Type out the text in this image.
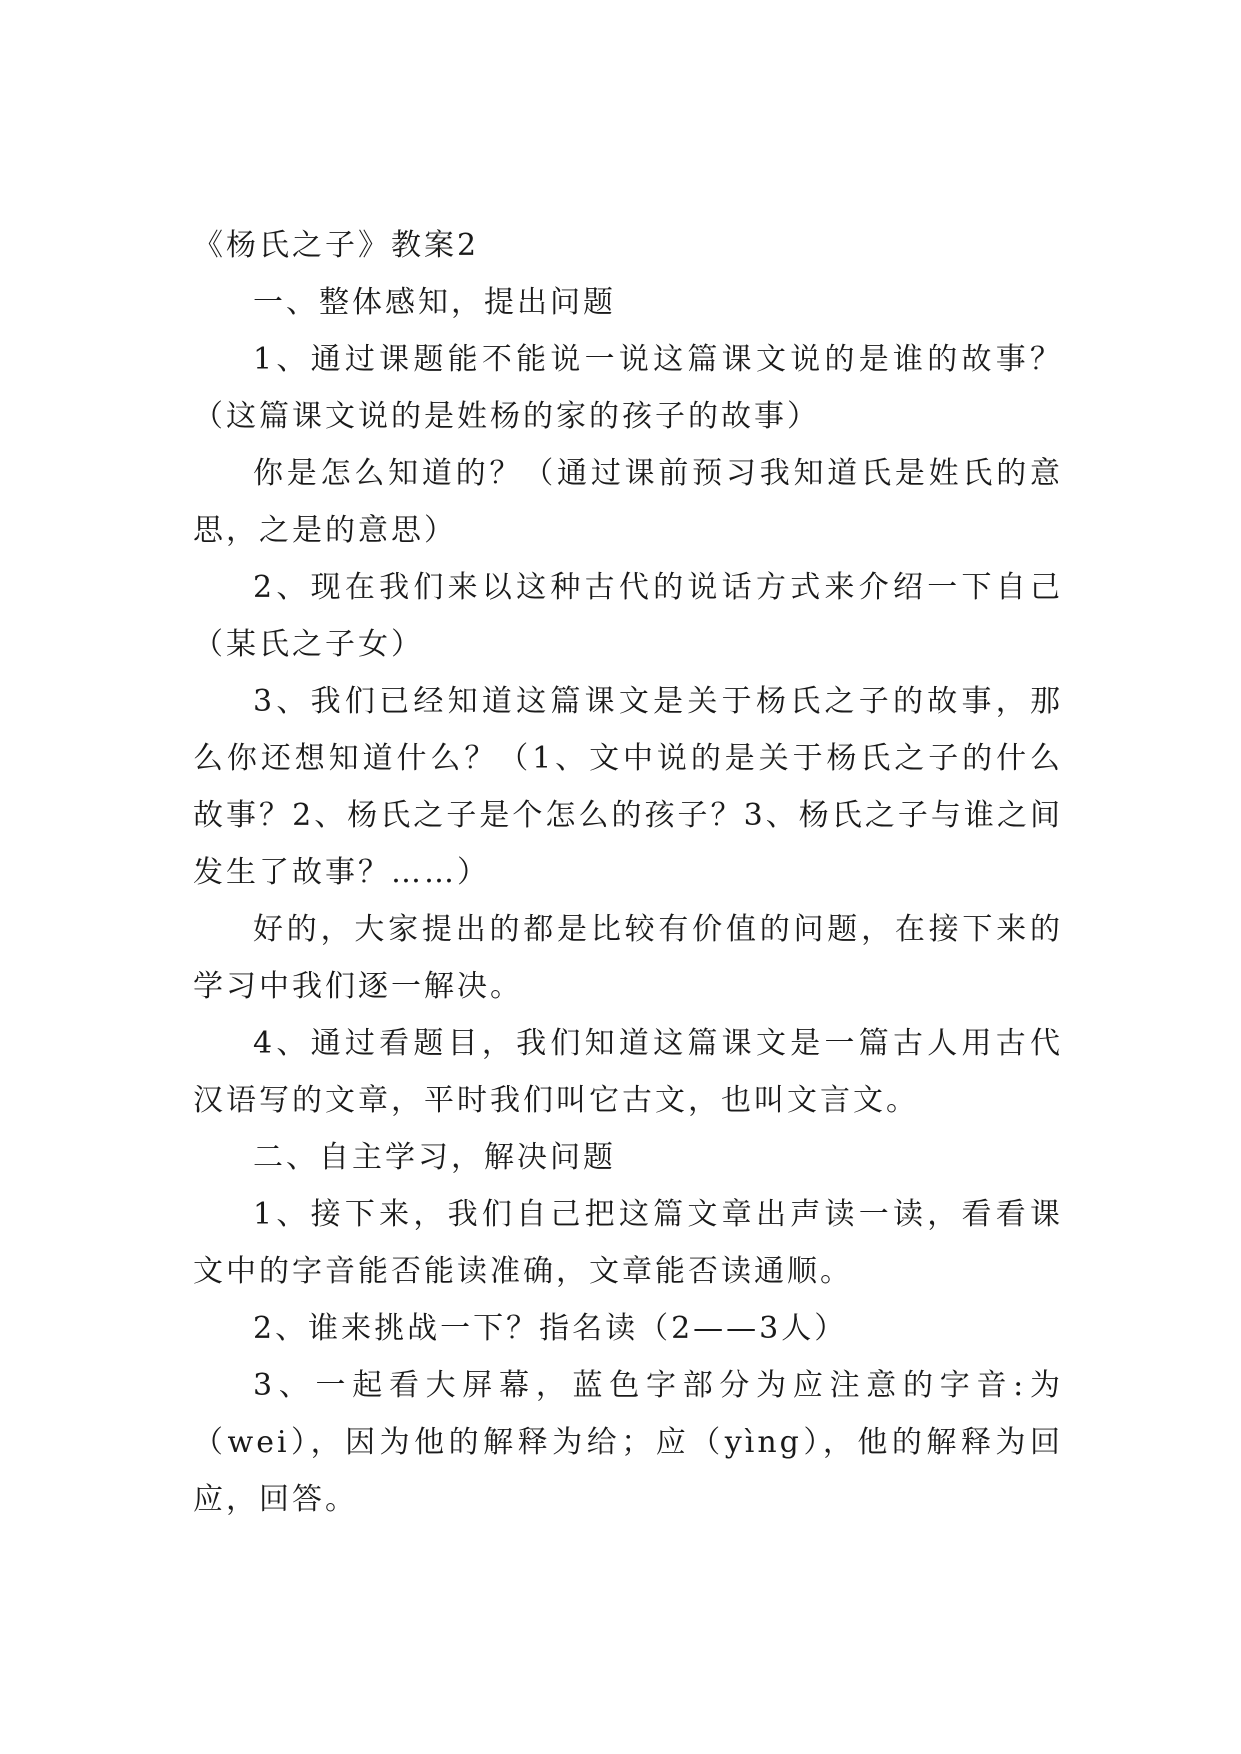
《杨氏之子》教案2

一、整体感知，提出问题

1、通过课题能不能说一说这篇课文说的是谁的故事？（这篇课文说的是姓杨的家的孩子的故事）

你是怎么知道的？（通过课前预习我知道氏是姓氏的意思，之是的意思）

2、现在我们来以这种古代的说话方式来介绍一下自己（某氏之子女）

3、我们已经知道这篇课文是关于杨氏之子的故事，那么你还想知道什么？（1、文中说的是关于杨氏之子的什么故事？2、杨氏之子是个怎么的孩子？3、杨氏之子与谁之间发生了故事？……）

好的，大家提出的都是比较有价值的问题，在接下来的学习中我们逐一解决。

4、通过看题目，我们知道这篇课文是一篇古人用古代汉语写的文章，平时我们叫它古文，也叫文言文。

二、自主学习，解决问题

1、接下来，我们自己把这篇文章出声读一读，看看课文中的字音能否能读准确，文章能否读通顺。

2、谁来挑战一下？指名读（2——3人）

3、一起看大屏幕，蓝色字部分为应注意的字音:为（wei），因为他的解释为给；应（yìng），他的解释为回应，回答。
